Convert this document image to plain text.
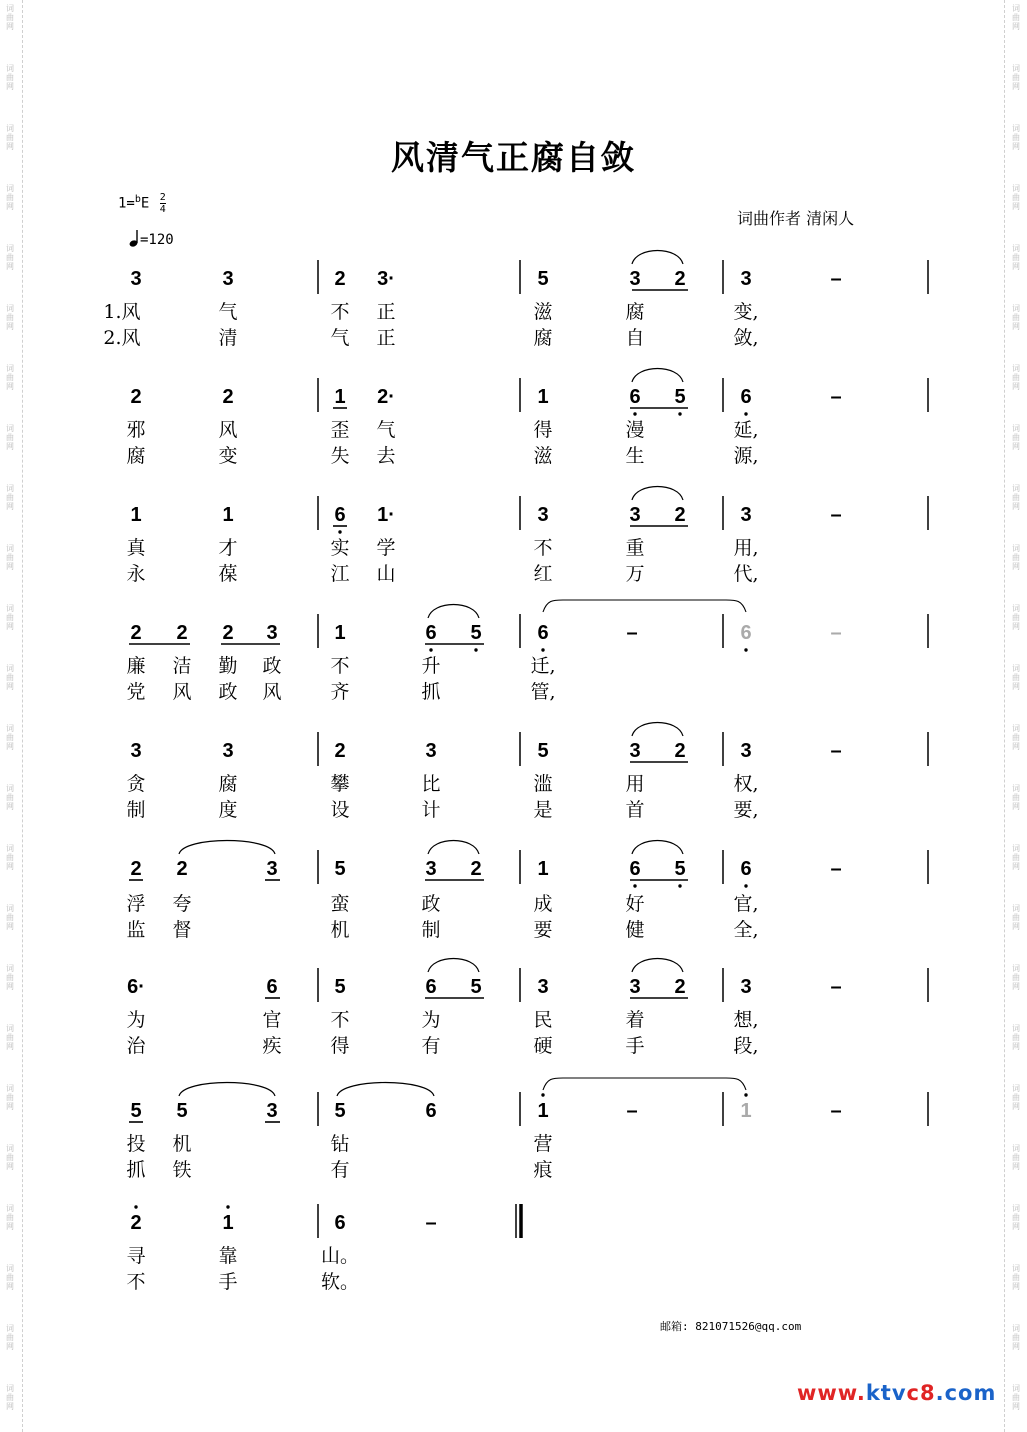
词
曲
网
词
曲
网
词
曲
网
词
曲
网
词
曲
网
词
曲
网
词
曲
网
词
曲
网
词
曲
网
词
曲
网
词
曲
网
词
曲
网
词
曲
网
词
曲
网
词
曲
网
词
曲
网
词
曲
网
词
曲
网
词
曲
网
词
曲
网
词
曲
网
词
曲
网
词
曲
网
词
曲
网
词
曲
网
词
曲
网
词
曲
网
词
曲
网
词
曲
网
词
曲
网
词
曲
网
词
曲
网
词
曲
网
词
曲
网
词
曲
网
词
曲
网
词
曲
网
词
曲
网
词
曲
网
词
曲
网
词
曲
网
词
曲
网
词
曲
网
词
曲
网
词
曲
网
词
曲
网
词
曲
网
词
曲
网
风清气正腐自敛
$1=^bE \frac{2}{4}$
=120
词曲作者 清闲人
3	3	2 3·	5	3 2	3	–
1.风	气	不 正	滋	腐	变,
2.风	清	气 正	腐	自	敛,
2	2	1 2·	1	6 5	6	–
邪	风	歪 气	得	漫	延,
腐	变	失 去	滋	生	源,
1	1	6 1·	3	3 2	3	–
真	才	实 学	不	重	用,
永	葆	江 山	红	万	代,
2 2 2 3	1	6 5	6	–	6	–
廉 洁 勤 政	不	升	迁,
党 风 政 风	齐	抓	管,
3	3	2	3	5	3 2	3	–
贪	腐	攀	比	滥	用	权,
制	度	设	计	是	首	要,
2 2	3	5	3 2	1	6 5	6	–
浮 夸	蛮	政	成	好	官,
监 督	机	制	要	健	全,
6·	6	5	6 5	3	3 2	3	–
为	官	不	为	民	着	想,
治	疾	得	有	硬	手	段,
5 5	3	5	6	1	–	1	–
投 机	钻	营
抓 铁	有	痕
2	1	6	–
寻	靠	山。
不	手	软。
邮箱: 821071526@qq.com
www.ktvc8.com
